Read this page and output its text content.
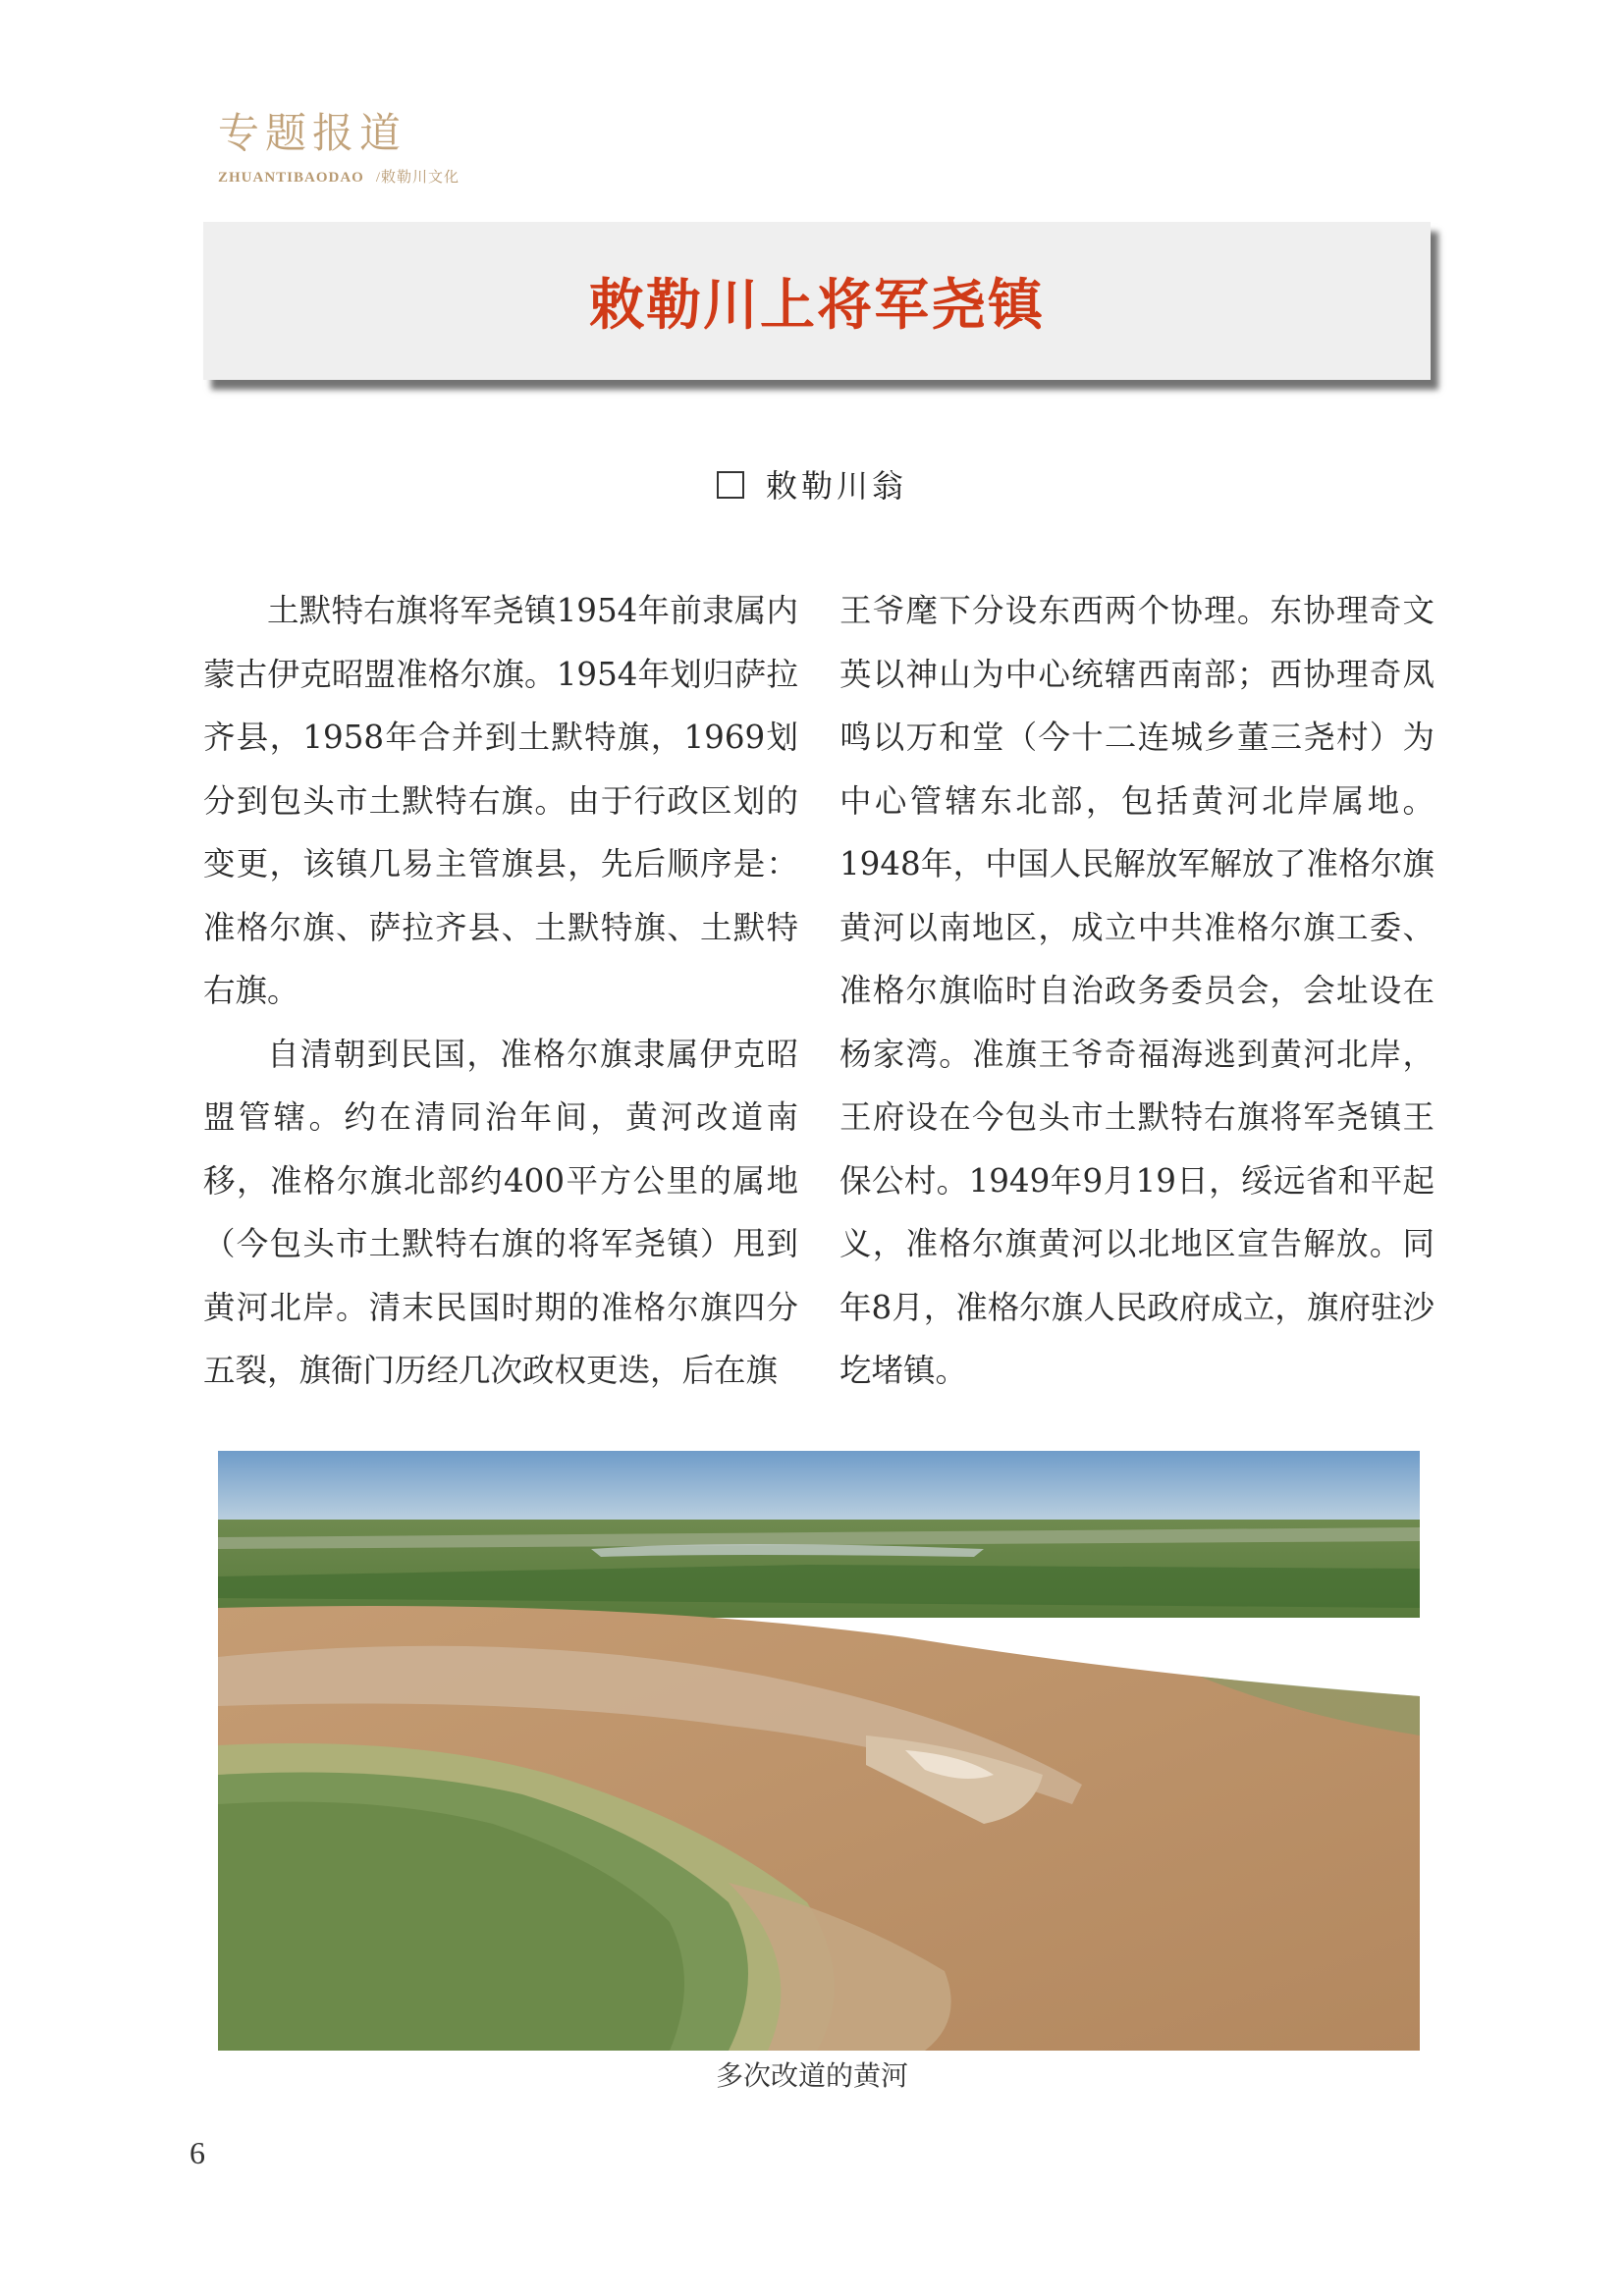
专题报道
ZHUANTIBAODAO /敕勒川文化
敕勒川上将军尧镇
敕勒川翁

土默特右旗将军尧镇1954年前隶属内蒙古伊克昭盟准格尔旗。1954年划归萨拉齐县，1958年合并到土默特旗，1969划分到包头市土默特右旗。由于行政区划的变更，该镇几易主管旗县，先后顺序是：准格尔旗、萨拉齐县、土默特旗、土默特右旗。

自清朝到民国，准格尔旗隶属伊克昭盟管辖。约在清同治年间，黄河改道南移，准格尔旗北部约400平方公里的属地（今包头市土默特右旗的将军尧镇）甩到黄河北岸。清末民国时期的准格尔旗四分五裂，旗衙门历经几次政权更迭，后在旗

王爷麾下分设东西两个协理。东协理奇文英以神山为中心统辖西南部；西协理奇凤鸣以万和堂（今十二连城乡董三尧村）为中心管辖东北部，包括黄河北岸属地。1948年，中国人民解放军解放了准格尔旗黄河以南地区，成立中共准格尔旗工委、准格尔旗临时自治政务委员会，会址设在杨家湾。准旗王爷奇福海逃到黄河北岸，王府设在今包头市土默特右旗将军尧镇王保公村。1949年9月19日，绥远省和平起义，准格尔旗黄河以北地区宣告解放。同年8月，准格尔旗人民政府成立，旗府驻沙圪堵镇。

多次改道的黄河
6
